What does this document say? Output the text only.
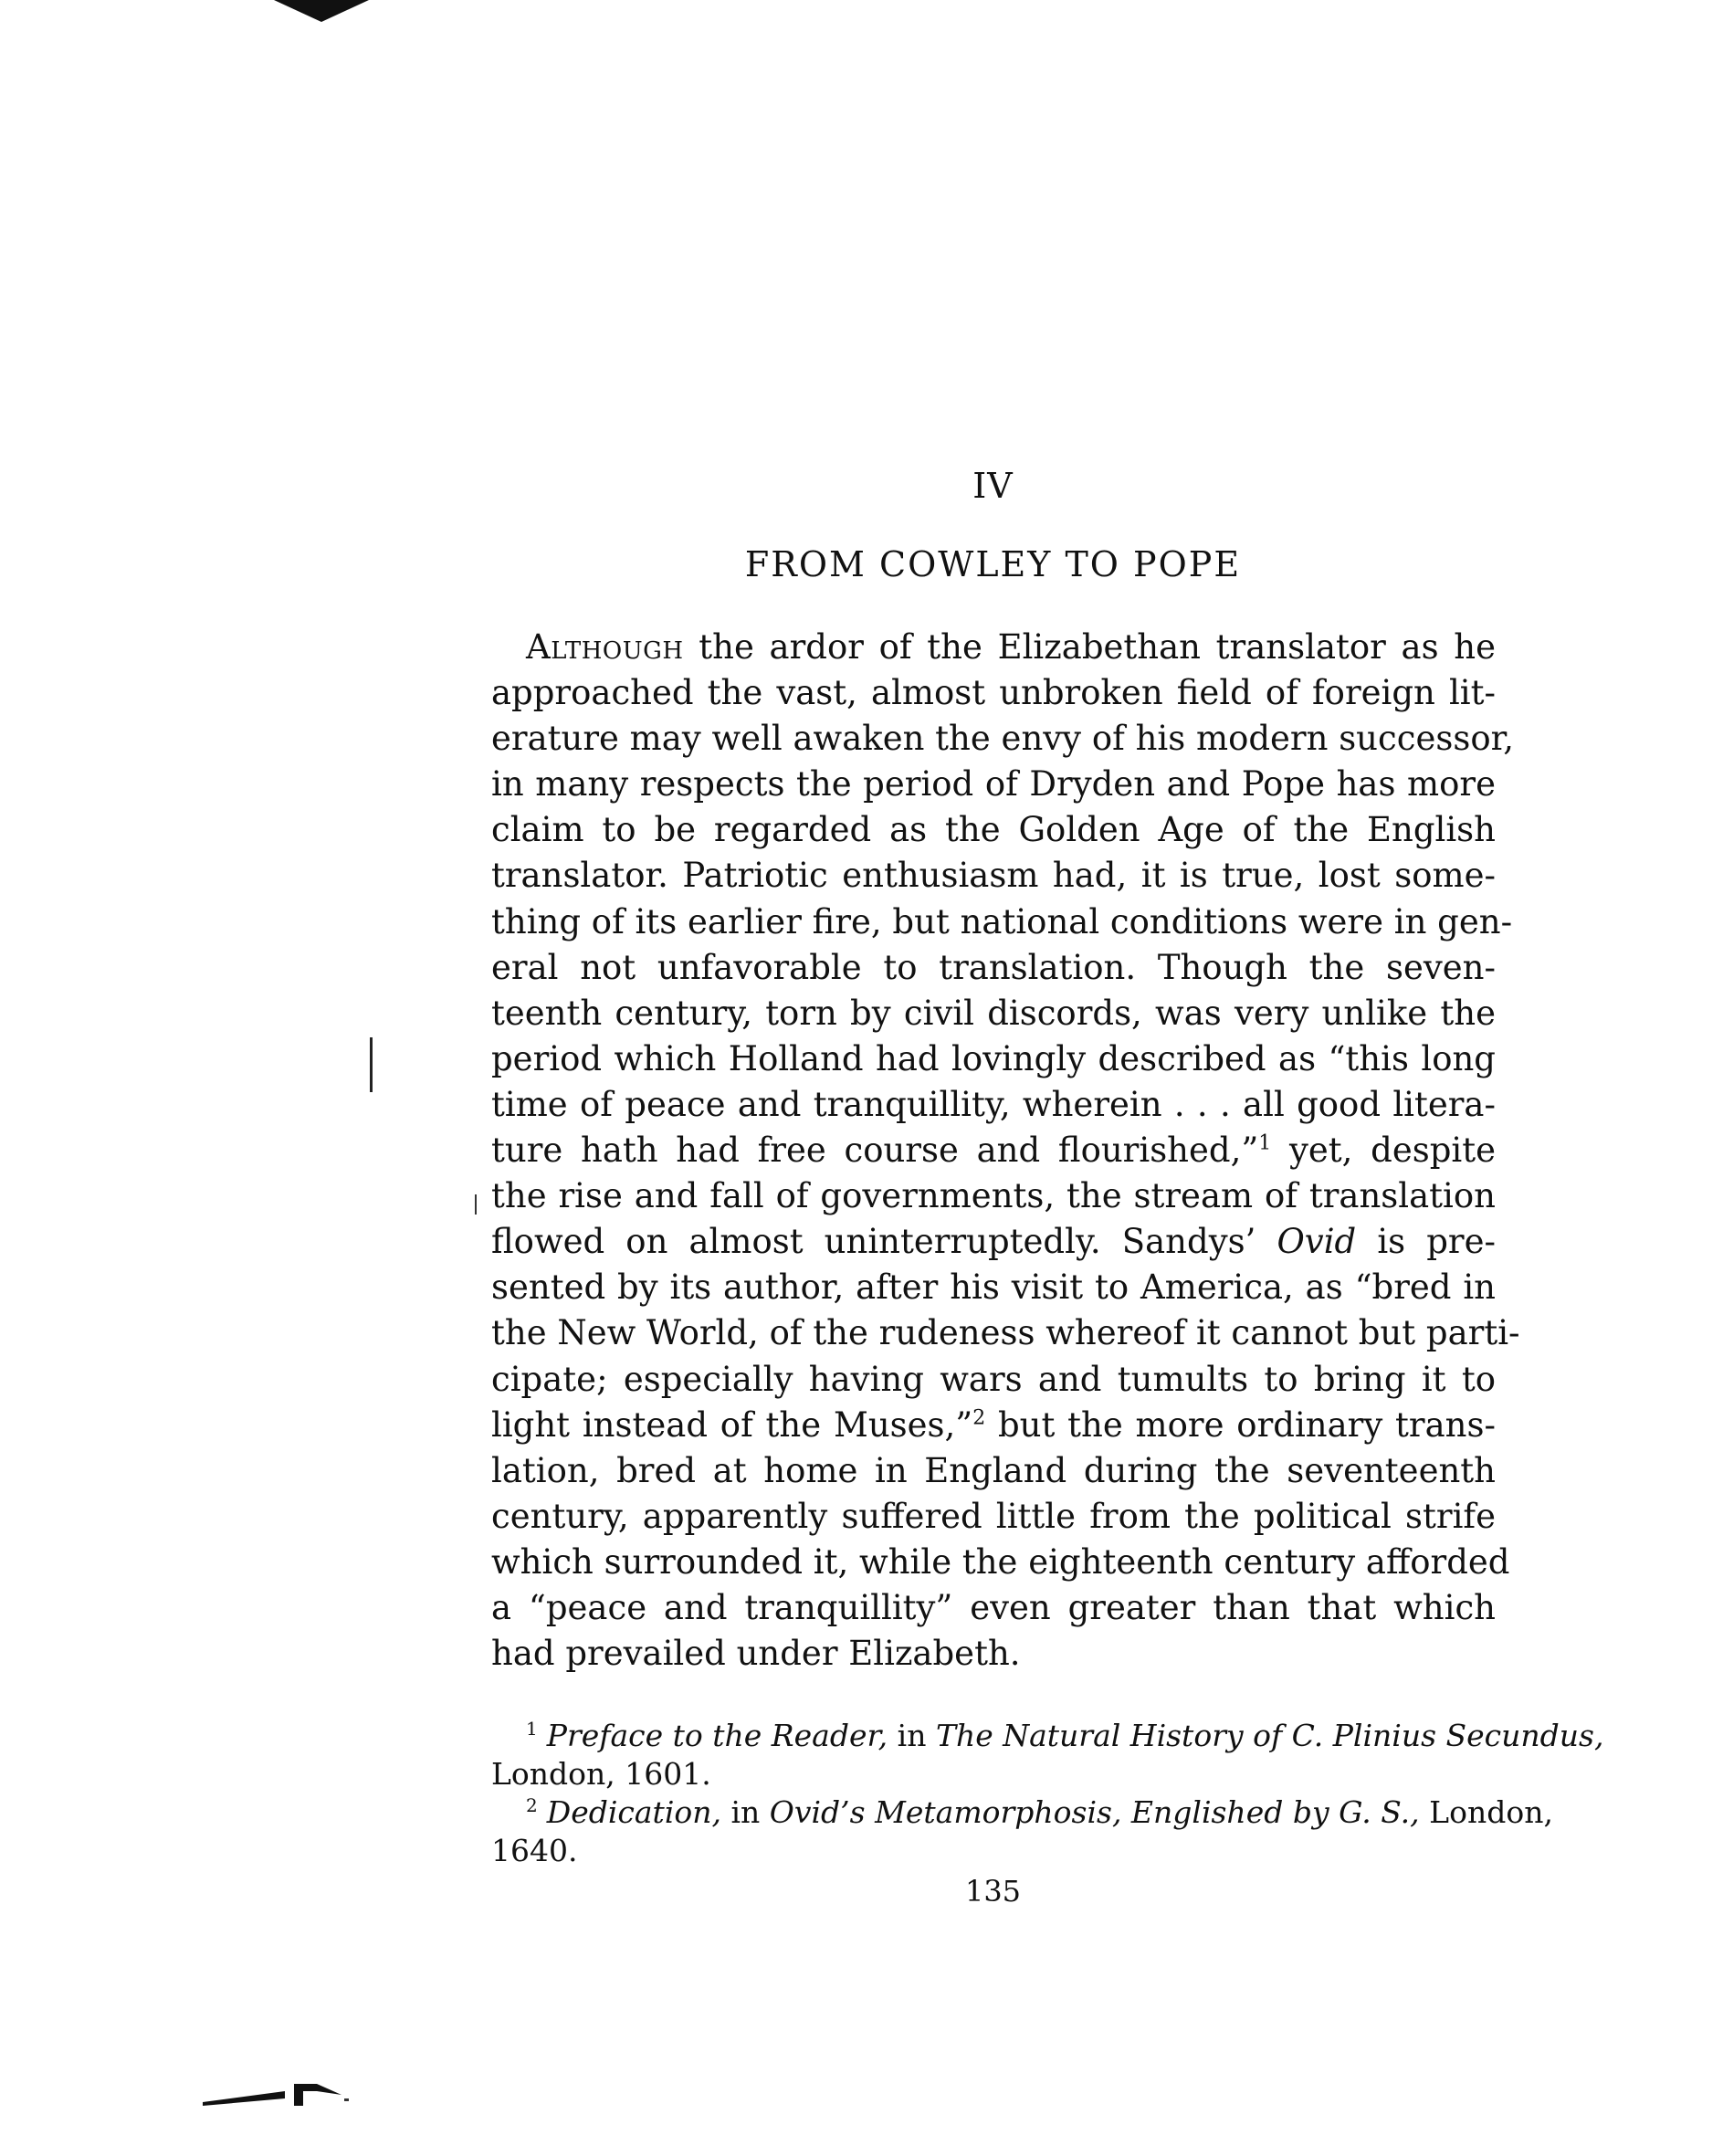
IV
FROM COWLEY TO POPE
Although the ardor of the Elizabethan translator as he
approached the vast, almost unbroken field of foreign lit-
erature may well awaken the envy of his modern successor,
in many respects the period of Dryden and Pope has more
claim to be regarded as the Golden Age of the English
translator. Patriotic enthusiasm had, it is true, lost some-
thing of its earlier fire, but national conditions were in gen-
eral not unfavorable to translation. Though the seven-
teenth century, torn by civil discords, was very unlike the
period which Holland had lovingly described as “this long
time of peace and tranquillity, wherein . . . all good litera-
ture hath had free course and flourished,”$^1$ yet, despite
the rise and fall of governments, the stream of translation
flowed on almost uninterruptedly. Sandys’ Ovid is pre-
sented by its author, after his visit to America, as “bred in
the New World, of the rudeness whereof it cannot but parti-
cipate; especially having wars and tumults to bring it to
light instead of the Muses,”$^2$ but the more ordinary trans-
lation, bred at home in England during the seventeenth
century, apparently suffered little from the political strife
which surrounded it, while the eighteenth century afforded
a “peace and tranquillity” even greater than that which
had prevailed under Elizabeth.
$^1$ Preface to the Reader, in The Natural History of C. Plinius Secundus,
London, 1601.
$^2$ Dedication, in Ovid’s Metamorphosis, Englished by G. S., London,
1640.
135
